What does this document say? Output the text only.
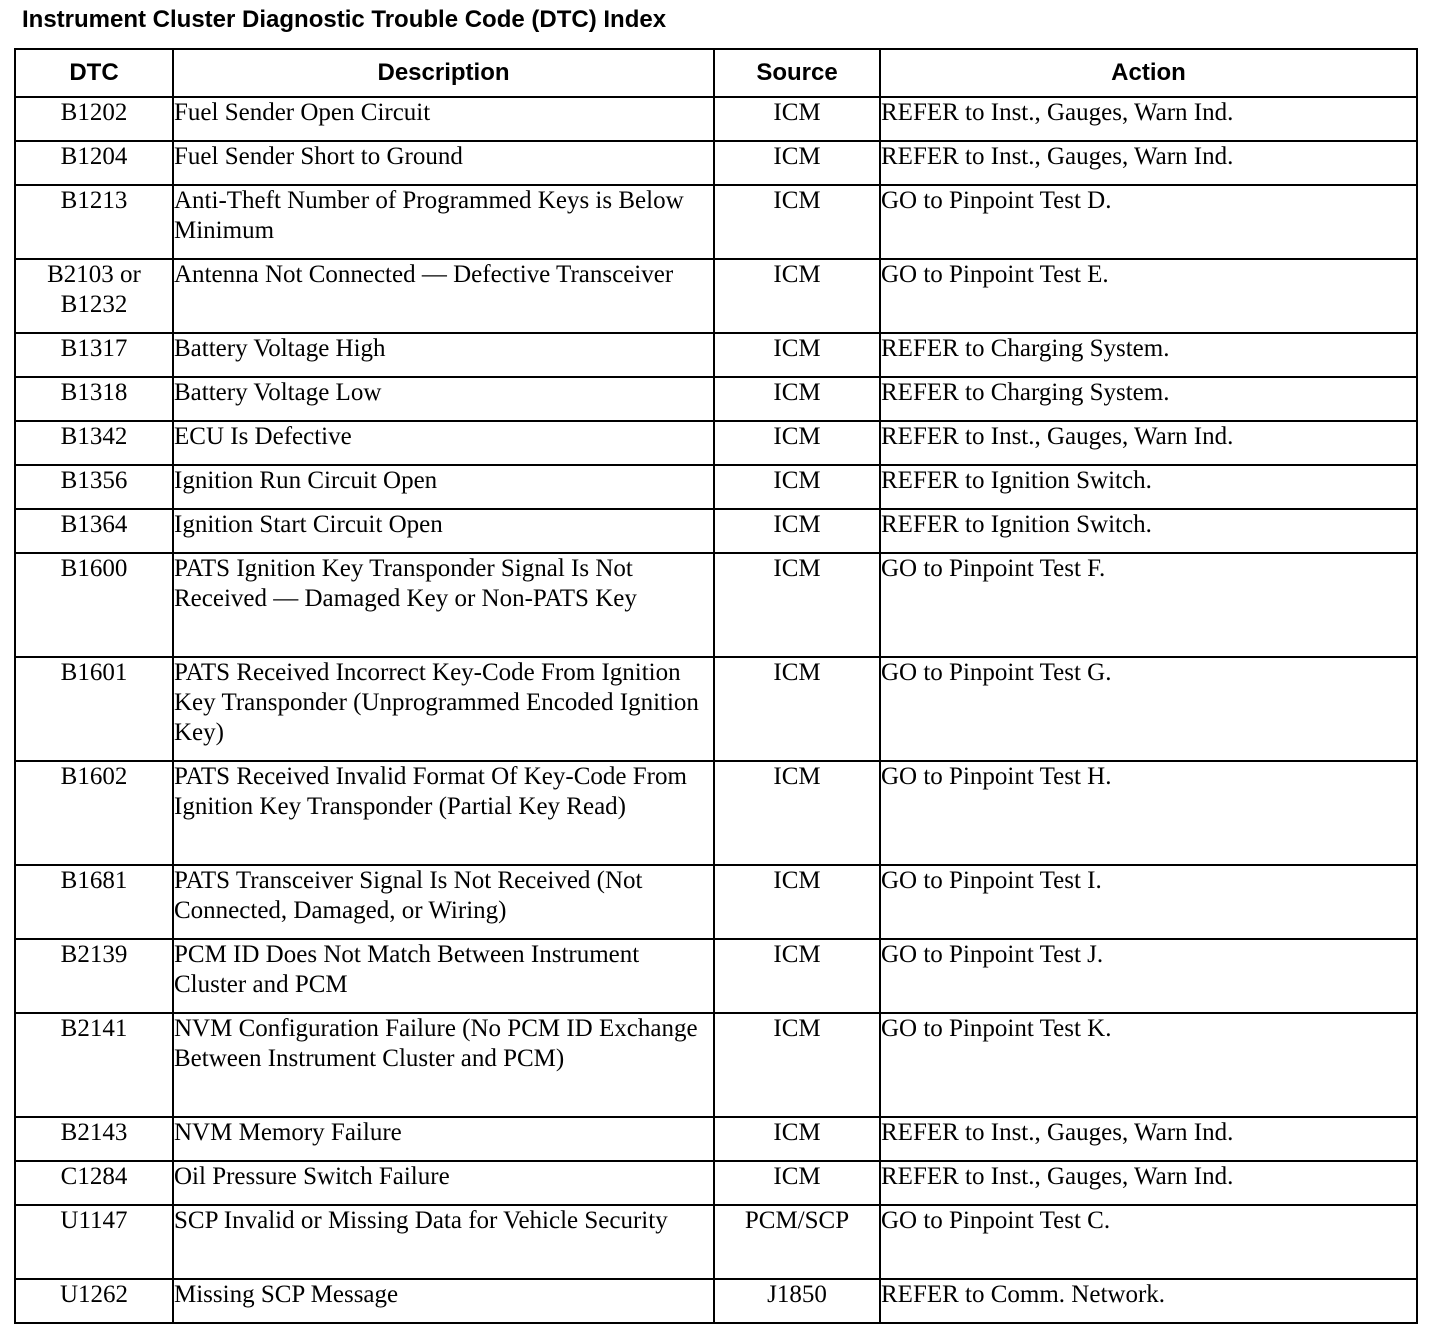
Instrument Cluster Diagnostic Trouble Code (DTC) Index
DTC	Description	Source	Action
B1202	Fuel Sender Open Circuit	ICM	REFER to Inst., Gauges, Warn Ind.
B1204	Fuel Sender Short to Ground	ICM	REFER to Inst., Gauges, Warn Ind.
B1213	Anti-Theft Number of Programmed Keys is Below Minimum	ICM	GO to Pinpoint Test D.
B2103 or B1232	Antenna Not Connected — Defective Transceiver	ICM	GO to Pinpoint Test E.
B1317	Battery Voltage High	ICM	REFER to Charging System.
B1318	Battery Voltage Low	ICM	REFER to Charging System.
B1342	ECU Is Defective	ICM	REFER to Inst., Gauges, Warn Ind.
B1356	Ignition Run Circuit Open	ICM	REFER to Ignition Switch.
B1364	Ignition Start Circuit Open	ICM	REFER to Ignition Switch.
B1600	PATS Ignition Key Transponder Signal Is Not Received — Damaged Key or Non-PATS Key	ICM	GO to Pinpoint Test F.
B1601	PATS Received Incorrect Key-Code From Ignition Key Transponder (Unprogrammed Encoded Ignition Key)	ICM	GO to Pinpoint Test G.
B1602	PATS Received Invalid Format Of Key-Code From Ignition Key Transponder (Partial Key Read)	ICM	GO to Pinpoint Test H.
B1681	PATS Transceiver Signal Is Not Received (Not Connected, Damaged, or Wiring)	ICM	GO to Pinpoint Test I.
B2139	PCM ID Does Not Match Between Instrument Cluster and PCM	ICM	GO to Pinpoint Test J.
B2141	NVM Configuration Failure (No PCM ID Exchange Between Instrument Cluster and PCM)	ICM	GO to Pinpoint Test K.
B2143	NVM Memory Failure	ICM	REFER to Inst., Gauges, Warn Ind.
C1284	Oil Pressure Switch Failure	ICM	REFER to Inst., Gauges, Warn Ind.
U1147	SCP Invalid or Missing Data for Vehicle Security	PCM/SCP	GO to Pinpoint Test C.
U1262	Missing SCP Message	J1850	REFER to Comm. Network.
